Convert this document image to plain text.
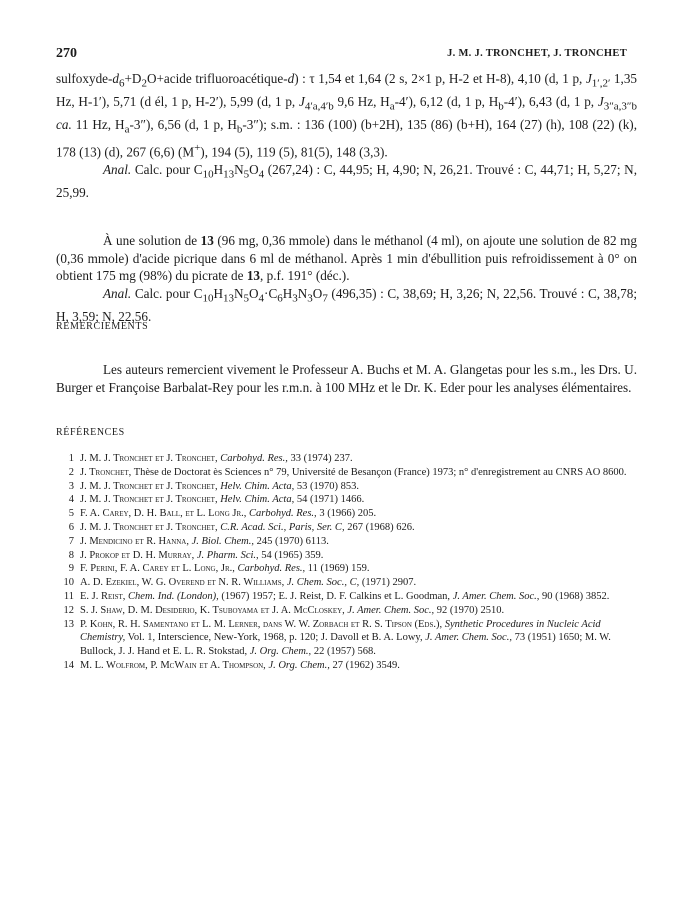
270	J. M. J. TRONCHET, J. TRONCHET
sulfoxyde-$d_6+D_2O+acide$ trifluoroacétique-d) : τ 1,54 et 1,64 (2 s, 2×1 p, H-2 et H-8), 4,10 (d, 1 p, $J_{1',2'}$ 1,35 Hz, H-1′), 5,71 (d él, 1 p, H-2′), 5,99 (d, 1 p, $J_{4'a,4'b}$ 9,6 Hz, $H_a-4'$), 6,12 (d, 1 p, $H_b-4'$), 6,43 (d, 1 p, $J_{3''a,3''b}$ ca. 11 Hz, $H_a-3''$), 6,56 (d, 1 p, $H_b-3''$); s.m. : 136 (100) (b+2H), 135 (86) (b+H), 164 (27) (h), 108 (22) (k), 178 (13) (d), 267 (6,6) (M+), 194 (5), 119 (5), 81(5), 148 (3,3).
Anal. Calc. pour $C_{10}H_{13}N_5O_4$ (267,24) : C, 44,95; H, 4,90; N, 26,21. Trouvé : C, 44,71; H, 5,27; N, 25,99.
À une solution de 13 (96 mg, 0,36 mmole) dans le méthanol (4 ml), on ajoute une solution de 82 mg (0,36 mmole) d'acide picrique dans 6 ml de méthanol. Après 1 min d'ébullition puis refroidissement à 0° on obtient 175 mg (98%) du picrate de 13, p.f. 191° (déc.).
Anal. Calc. pour $C_{10}H_{13}N_5O_4\cdot C_6H_3N_3O_7$ (496,35) : C, 38,69; H, 3,26; N, 22,56. Trouvé : C, 38,78; H, 3,59; N, 22,56.
REMERCIEMENTS
Les auteurs remercient vivement le Professeur A. Buchs et M. A. Glangetas pour les s.m., les Drs. U. Burger et Françoise Barbalat-Rey pour les r.m.n. à 100 MHz et le Dr. K. Eder pour les analyses élémentaires.
RÉFÉRENCES
1 J. M. J. Tronchet et J. Tronchet, Carbohyd. Res., 33 (1974) 237.
2 J. Tronchet, Thèse de Doctorat ès Sciences n° 79, Université de Besançon (France) 1973; n° d'enregistrement au CNRS AO 8600.
3 J. M. J. Tronchet et J. Tronchet, Helv. Chim. Acta, 53 (1970) 853.
4 J. M. J. Tronchet et J. Tronchet, Helv. Chim. Acta, 54 (1971) 1466.
5 F. A. Carey, D. H. Ball, et L. Long Jr., Carbohyd. Res., 3 (1966) 205.
6 J. M. J. Tronchet et J. Tronchet, C.R. Acad. Sci., Paris, Ser. C, 267 (1968) 626.
7 J. Mendicino et R. Hanna, J. Biol. Chem., 245 (1970) 6113.
8 J. Prokop et D. H. Murray, J. Pharm. Sci., 54 (1965) 359.
9 F. Perini, F. A. Carey et L. Long, Jr., Carbohyd. Res., 11 (1969) 159.
10 A. D. Ezekiel, W. G. Overend et N. R. Williams, J. Chem. Soc., C, (1971) 2907.
11 E. J. Reist, Chem. Ind. (London), (1967) 1957; E. J. Reist, D. F. Calkins et L. Goodman, J. Amer. Chem. Soc., 90 (1968) 3852.
12 S. J. Shaw, D. M. Desiderio, K. Tsuboyama et J. A. McCloskey, J. Amer. Chem. Soc., 92 (1970) 2510.
13 P. Kohn, R. H. Samentano et L. M. Lerner, dans W. W. Zorbach et R. S. Tipson (Eds.), Synthetic Procedures in Nucleic Acid Chemistry, Vol. 1, Interscience, New-York, 1968, p. 120; J. Davoll et B. A. Lowy, J. Amer. Chem. Soc., 73 (1951) 1650; M. W. Bullock, J. J. Hand et E. L. R. Stokstad, J. Org. Chem., 22 (1957) 568.
14 M. L. Wolfrom, P. McWain et A. Thompson, J. Org. Chem., 27 (1962) 3549.
